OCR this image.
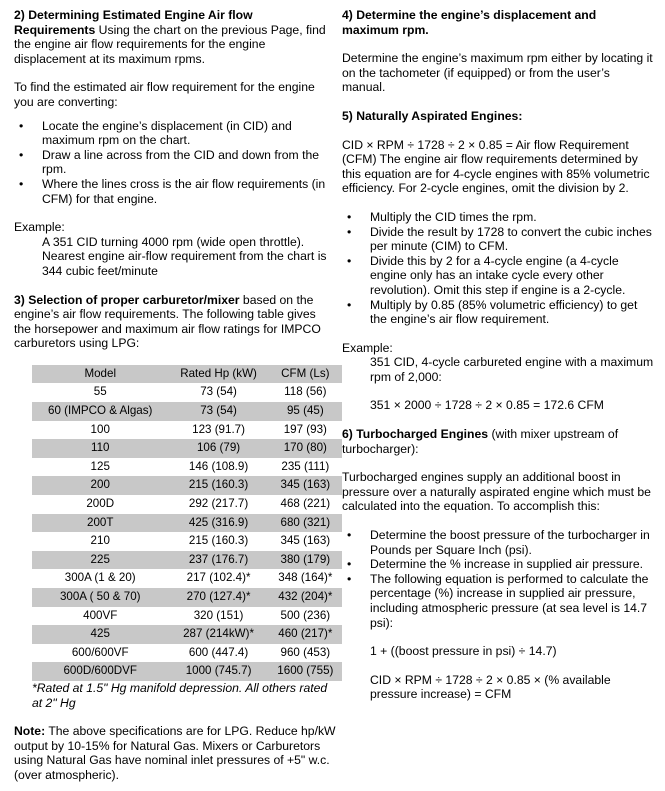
2) Determining Estimated Engine Air flow Requirements Using the chart on the previous Page, find the engine air flow requirements for the engine displacement at its maximum rpms.

To find the estimated air flow requirement for the engine you are converting:

• Locate the engine’s displacement (in CID) and maximum rpm on the chart.
• Draw a line across from the CID and down from the rpm.
• Where the lines cross is the air flow requirements (in CFM) for that engine.

Example:

A 351 CID turning 4000 rpm (wide open throttle). Nearest engine air-flow requirement from the chart is 344 cubic feet/minute

3) Selection of proper carburetor/mixer based on the engine’s air flow requirements. The following table gives the horsepower and maximum air flow ratings for IMPCO carburetors using LPG:

Model	Rated Hp (kW)	CFM (Ls)
55	73 (54)	118 (56)
60 (IMPCO & Algas)	73 (54)	95 (45)
100	123 (91.7)	197 (93)
110	106 (79)	170 (80)
125	146 (108.9)	235 (111)
200	215 (160.3)	345 (163)
200D	292 (217.7)	468 (221)
200T	425 (316.9)	680 (321)
210	215 (160.3)	345 (163)
225	237 (176.7)	380 (179)
300A (1 & 20)	217 (102.4)*	348 (164)*
300A ( 50 & 70)	270 (127.4)*	432 (204)*
400VF	320 (151)	500 (236)
425	287 (214kW)*	460 (217)*
600/600VF	600 (447.4)	960 (453)
600D/600DVF	1000 (745.7)	1600 (755)

*Rated at 1.5" Hg manifold depression. All others rated at 2" Hg

Note: The above specifications are for LPG. Reduce hp/kW output by 10-15% for Natural Gas. Mixers or Carburetors using Natural Gas have nominal inlet pressures of +5" w.c. (over atmospheric).

4) Determine the engine’s displacement and maximum rpm.

Determine the engine’s maximum rpm either by locating it on the tachometer (if equipped) or from the user’s manual.

5) Naturally Aspirated Engines:

CID × RPM ÷ 1728 ÷ 2 × 0.85 = Air flow Requirement (CFM) The engine air flow requirements determined by this equation are for 4-cycle engines with 85% volumetric efficiency. For 2-cycle engines, omit the division by 2.

• Multiply the CID times the rpm.
• Divide the result by 1728 to convert the cubic inches per minute (CIM) to CFM.
• Divide this by 2 for a 4-cycle engine (a 4-cycle engine only has an intake cycle every other revolution). Omit this step if engine is a 2-cycle.
• Multiply by 0.85 (85% volumetric efficiency) to get the engine’s air flow requirement.

Example:

351 CID, 4-cycle carbureted engine with a maximum rpm of 2,000:

351 × 2000 ÷ 1728 ÷ 2 × 0.85 = 172.6 CFM

6) Turbocharged Engines (with mixer upstream of turbocharger):

Turbocharged engines supply an additional boost in pressure over a naturally aspirated engine which must be calculated into the equation. To accomplish this:

• Determine the boost pressure of the turbocharger in Pounds per Square Inch (psi).
• Determine the % increase in supplied air pressure.
• The following equation is performed to calculate the percentage (%) increase in supplied air pressure, including atmospheric pressure (at sea level is 14.7 psi):

1 + ((boost pressure in psi) ÷ 14.7)

CID × RPM ÷ 1728 ÷ 2 × 0.85 × (% available pressure increase) = CFM
